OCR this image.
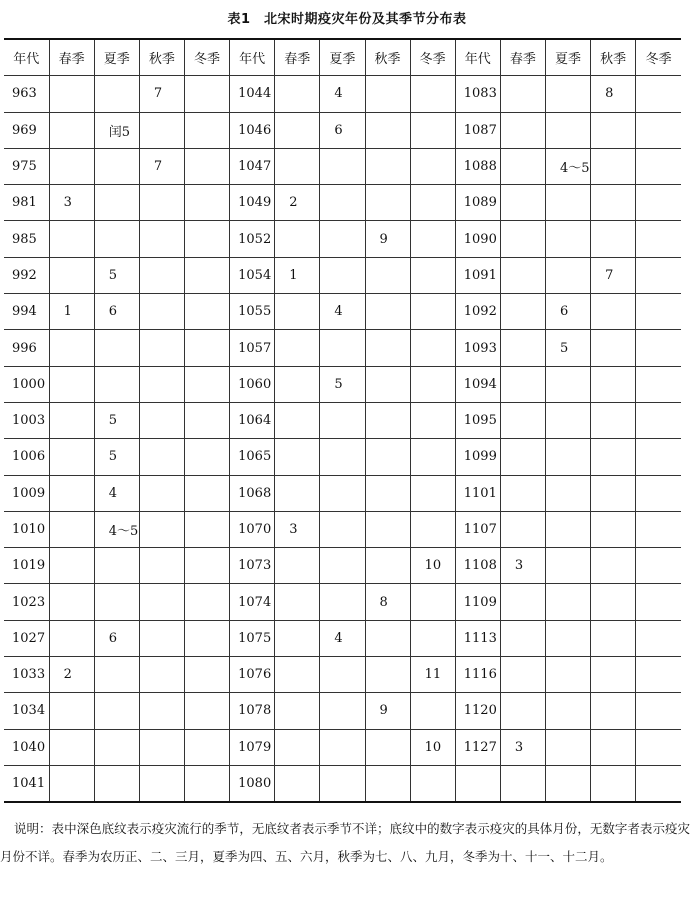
表1　北宋时期疫灾年份及其季节分布表
年代	春季	夏季	秋季	冬季	年代	春季	夏季	秋季	冬季	年代	春季	夏季	秋季	冬季
963			7		1044		4			1083			8	
969		闰5			1046		6			1087				
975			7		1047					1088		4～5		
981	3				1049	2				1089				
985					1052			9		1090				
992		5			1054	1				1091			7	
994	1	6			1055		4			1092		6		
996					1057					1093		5		
1000					1060		5			1094				
1003		5			1064					1095				
1006		5			1065					1099				
1009		4			1068					1101				
1010		4～5			1070	3				1107				
1019					1073				10	1108	3			
1023					1074			8		1109				
1027		6			1075		4			1113				
1033	2				1076				11	1116				
1034					1078			9		1120				
1040					1079				10	1127	3			
1041					1080									
说明：表中深色底纹表示疫灾流行的季节，无底纹者表示季节不详；底纹中的数字表示疫灾的具体月份，无数字者表示疫灾月份不详。春季为农历正、二、三月，夏季为四、五、六月，秋季为七、八、九月，冬季为十、十一、十二月。
